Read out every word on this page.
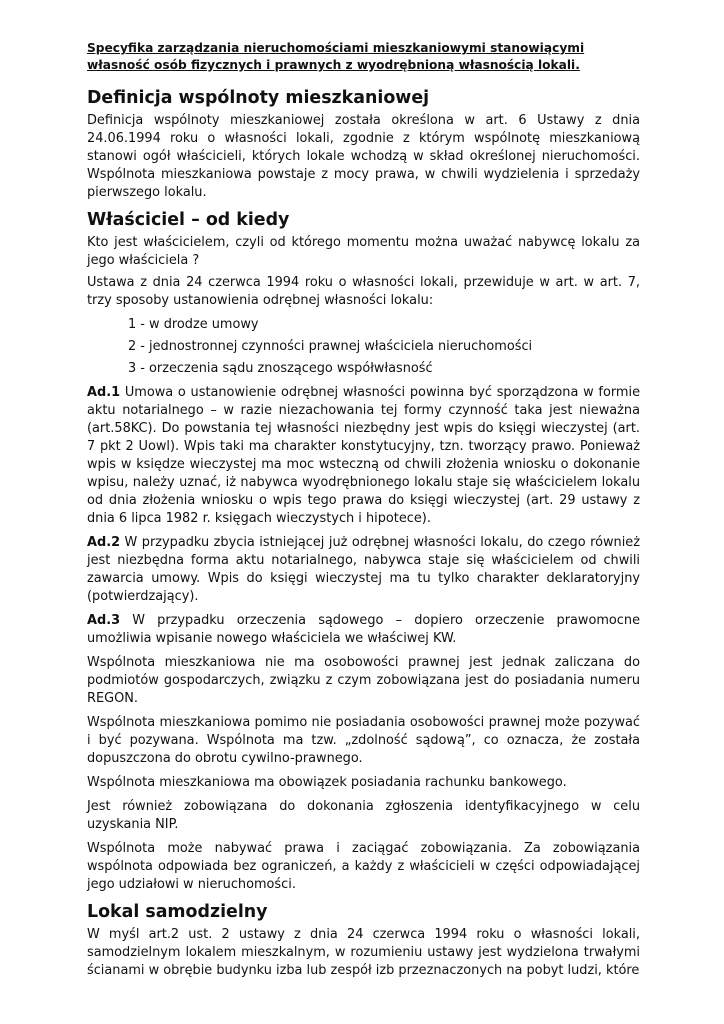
Specyfika zarządzania nieruchomościami mieszkaniowymi stanowiącymi własność osób fizycznych i prawnych z wyodrębnioną własnością lokali.
Definicja wspólnoty mieszkaniowej

Definicja wspólnoty mieszkaniowej została określona w art. 6 Ustawy z dnia 24.06.1994 roku o własności lokali, zgodnie z którym wspólnotę mieszkaniową stanowi ogół właścicieli, których lokale wchodzą w skład określonej nieruchomości. Wspólnota mieszkaniowa powstaje z mocy prawa, w chwili wydzielenia i sprzedaży pierwszego lokalu.

Właściciel – od kiedy

Kto jest właścicielem, czyli od którego momentu można uważać nabywcę lokalu za jego właściciela ?

Ustawa z dnia 24 czerwca 1994 roku o własności lokali, przewiduje w art. w art. 7, trzy sposoby ustanowienia odrębnej własności lokalu:

1 - w drodze umowy
2 - jednostronnej czynności prawnej właściciela nieruchomości
3 - orzeczenia sądu znoszącego współwłasność

Ad.1 Umowa o ustanowienie odrębnej własności powinna być sporządzona w formie aktu notarialnego – w razie niezachowania tej formy czynność taka jest nieważna (art.58KC). Do powstania tej własności niezbędny jest wpis do księgi wieczystej (art. 7 pkt 2 Uowl). Wpis taki ma charakter konstytucyjny, tzn. tworzący prawo. Ponieważ wpis w księdze wieczystej ma moc wsteczną od chwili złożenia wniosku o dokonanie wpisu, należy uznać, iż nabywca wyodrębnionego lokalu staje się właścicielem lokalu od dnia złożenia wniosku o wpis tego prawa do księgi wieczystej (art. 29 ustawy z dnia 6 lipca 1982 r. księgach wieczystych i hipotece).

Ad.2 W przypadku zbycia istniejącej już odrębnej własności lokalu, do czego również jest niezbędna forma aktu notarialnego, nabywca staje się właścicielem od chwili zawarcia umowy. Wpis do księgi wieczystej ma tu tylko charakter deklaratoryjny (potwierdzający).

Ad.3 W przypadku orzeczenia sądowego – dopiero orzeczenie prawomocne umożliwia wpisanie nowego właściciela we właściwej KW.

Wspólnota mieszkaniowa nie ma osobowości prawnej jest jednak zaliczana do podmiotów gospodarczych, związku z czym zobowiązana jest do posiadania numeru REGON.

Wspólnota mieszkaniowa pomimo nie posiadania osobowości prawnej może pozywać i być pozywana. Wspólnota ma tzw. „zdolność sądową”, co oznacza, że została dopuszczona do obrotu cywilno-prawnego.

Wspólnota mieszkaniowa ma obowiązek posiadania rachunku bankowego.

Jest również zobowiązana do dokonania zgłoszenia identyfikacyjnego w celu uzyskania NIP.

Wspólnota może nabywać prawa i zaciągać zobowiązania. Za zobowiązania wspólnota odpowiada bez ograniczeń, a każdy z właścicieli w części odpowiadającej jego udziałowi w nieruchomości.

Lokal samodzielny

W myśl art.2 ust. 2 ustawy z dnia 24 czerwca 1994 roku o własności lokali, samodzielnym lokalem mieszkalnym, w rozumieniu ustawy jest wydzielona trwałymi ścianami w obrębie budynku izba lub zespół izb przeznaczonych na pobyt ludzi, które
